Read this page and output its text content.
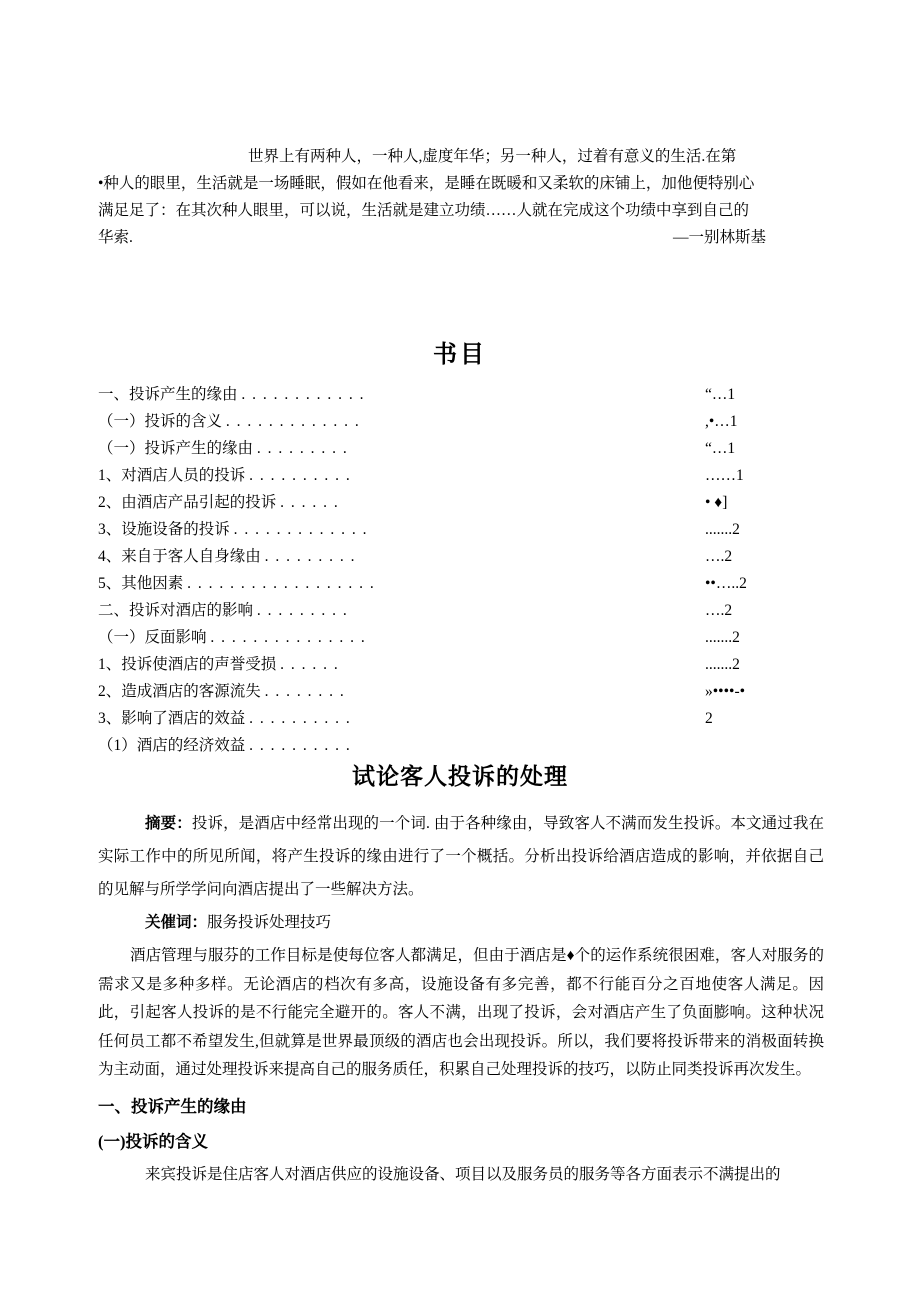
世界上有两种人，一种人,虚度年华；另一种人，过着有意义的生活.在第

•种人的眼里，生活就是一场睡眠，假如在他看来，是睡在既暖和又柔软的床铺上，加他便特别心

满足足了：在其次种人眼里，可以说，生活就是建立功绩……人就在完成这个功绩中享到自己的

华索.	—一别林斯基

书目
一、投诉产生的缘由 . . . . . . . . . . . .	“…1
（一）投诉的含义 . . . . . . . . . . . . .	,•…1
（一）投诉产生的缘由 . . . . . . . . .	“…1
1、对酒店人员的投诉 . . . . . . . . . .	……1
2、由酒店产品引起的投诉 . . . . . .	• ♦]
3、设施设备的投诉 . . . . . . . . . . . . .	.......2
4、来自于客人自身缘由 . . . . . . . . .	….2
5、其他因素 . . . . . . . . . . . . . . . . . .	••…..2
二、投诉对酒店的影响 . . . . . . . . .	….2
（一）反面影响 . . . . . . . . . . . . . . .	.......2
1、投诉使酒店的声誉受损 . . . . . .	.......2
2、造成酒店的客源流失 . . . . . . . .	»••••-•
3、影响了酒店的效益 . . . . . . . . . .	2
（1）酒店的经济效益 . . . . . . . . . .
试论客人投诉的处理

摘要：投诉，是酒店中经常出现的一个词. 由于各种缘由，导致客人不满而发生投诉。本文通过我在实际工作中的所见所闻，将产生投诉的缘由进行了一个概括。分析出投诉给酒店造成的影响，并依据自己的见解与所学学问向酒店提出了一些解决方法。

关催词：服务投诉处理技巧

酒店管理与服芬的工作目标是使每位客人都满足，但由于酒店是♦个的运作系统很困难，客人对服务的需求又是多种多样。无论酒店的档次有多高，设施设备有多完善，都不行能百分之百地使客人满足。因此，引起客人投诉的是不行能完全避开的。客人不满，出现了投诉，会对酒店产生了负面膨响。这种状况任何员工都不希望发生,但就算是世界最顶级的酒店也会出现投诉。所以，我们要将投诉带来的消极面转换为主动面，通过处理投诉来提高自己的服务质任，积累自己处理投诉的技巧，以防止同类投诉再次发生。

一、投诉产生的缘由
(一)投诉的含义

来宾投诉是住店客人对酒店供应的设施设备、项目以及服务员的服务等各方面表示不满提出的
